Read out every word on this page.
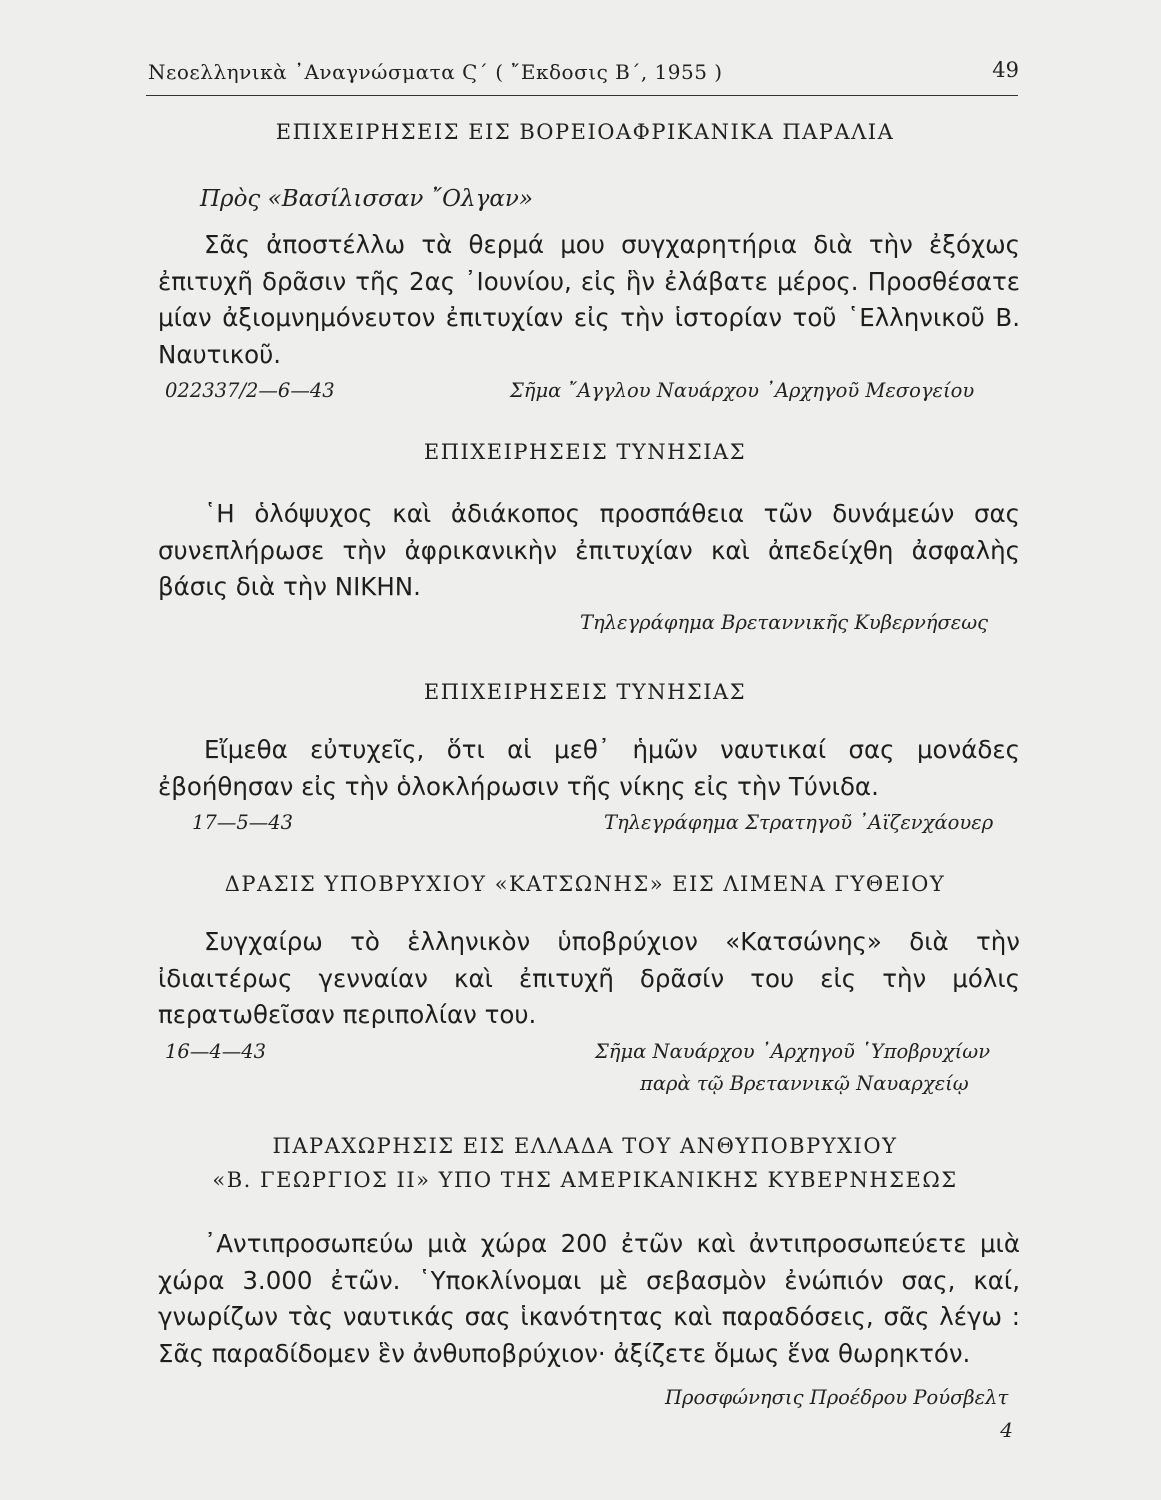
Νεοελληνικὰ ᾿Αναγνώσματα Ϛ´ ( ῎Εκδοσις Β´, 1955 )	49
ΕΠΙΧΕΙΡΗΣΕΙΣ ΕΙΣ ΒΟΡΕΙΟΑΦΡΙΚΑΝΙΚΑ ΠΑΡΑΛΙΑ
Πρὸς «Βασίλισσαν ῎Ολγαν»
Σᾶς ἀποστέλλω τὰ θερμά μου συγχαρητήρια διὰ τὴν ἐξόχως ἐπιτυχῆ δρᾶσιν τῆς 2ας ᾿Ιουνίου, εἰς ἣν ἐλάβατε μέρος. Προσθέσατε μίαν ἀξιομνημόνευτον ἐπιτυχίαν εἰς τὴν ἱστορίαν τοῦ ῾Ελληνικοῦ Β. Ναυτικοῦ.
022337/2—6—43	Σῆμα ῎Αγγλου Ναυάρχου ᾿Αρχηγοῦ Μεσογείου
ΕΠΙΧΕΙΡΗΣΕΙΣ ΤΥΝΗΣΙΑΣ
῾Η ὁλόψυχος καὶ ἀδιάκοπος προσπάθεια τῶν δυνάμεών σας συνεπλήρωσε τὴν ἀφρικανικὴν ἐπιτυχίαν καὶ ἀπεδείχθη ἀσφαλὴς βάσις διὰ τὴν ΝΙΚΗΝ.
Τηλεγράφημα Βρεταννικῆς Κυβερνήσεως
ΕΠΙΧΕΙΡΗΣΕΙΣ ΤΥΝΗΣΙΑΣ
Εἴμεθα εὐτυχεῖς, ὅτι αἱ μεθ᾿ ἡμῶν ναυτικαί σας μονάδες ἐβοήθησαν εἰς τὴν ὁλοκλήρωσιν τῆς νίκης εἰς τὴν Τύνιδα.
17—5—43	Τηλεγράφημα Στρατηγοῦ ᾿Αϊζενχάουερ
ΔΡΑΣΙΣ ΥΠΟΒΡΥΧΙΟΥ «ΚΑΤΣΩΝΗΣ» ΕΙΣ ΛΙΜΕΝΑ ΓΥΘΕΙΟΥ
Συγχαίρω τὸ ἑλληνικὸν ὑποβρύχιον «Κατσώνης» διὰ τὴν ἰδιαιτέρως γενναίαν καὶ ἐπιτυχῆ δρᾶσίν του εἰς τὴν μόλις περατωθεῖσαν περιπολίαν του.
16—4—43	Σῆμα Ναυάρχου ᾿Αρχηγοῦ ῾Υποβρυχίων
παρὰ τῷ Βρεταννικῷ Ναυαρχείῳ
ΠΑΡΑΧΩΡΗΣΙΣ ΕΙΣ ΕΛΛΑΔΑ ΤΟΥ ΑΝΘΥΠΟΒΡΥΧΙΟΥ
«Β. ΓΕΩΡΓΙΟΣ ΙΙ» ΥΠΟ ΤΗΣ ΑΜΕΡΙΚΑΝΙΚΗΣ ΚΥΒΕΡΝΗΣΕΩΣ
᾿Αντιπροσωπεύω μιὰ χώρα 200 ἐτῶν καὶ ἀντιπροσωπεύετε μιὰ χώρα 3.000 ἐτῶν. ῾Υποκλίνομαι μὲ σεβασμὸν ἐνώπιόν σας, καί, γνωρίζων τὰς ναυτικάς σας ἱκανότητας καὶ παραδόσεις, σᾶς λέγω : Σᾶς παραδίδομεν ἓν ἀνθυποβρύχιον· ἀξίζετε ὅμως ἕνα θωρηκτόν.
Προσφώνησις Προέδρου Ρούσβελτ
4
